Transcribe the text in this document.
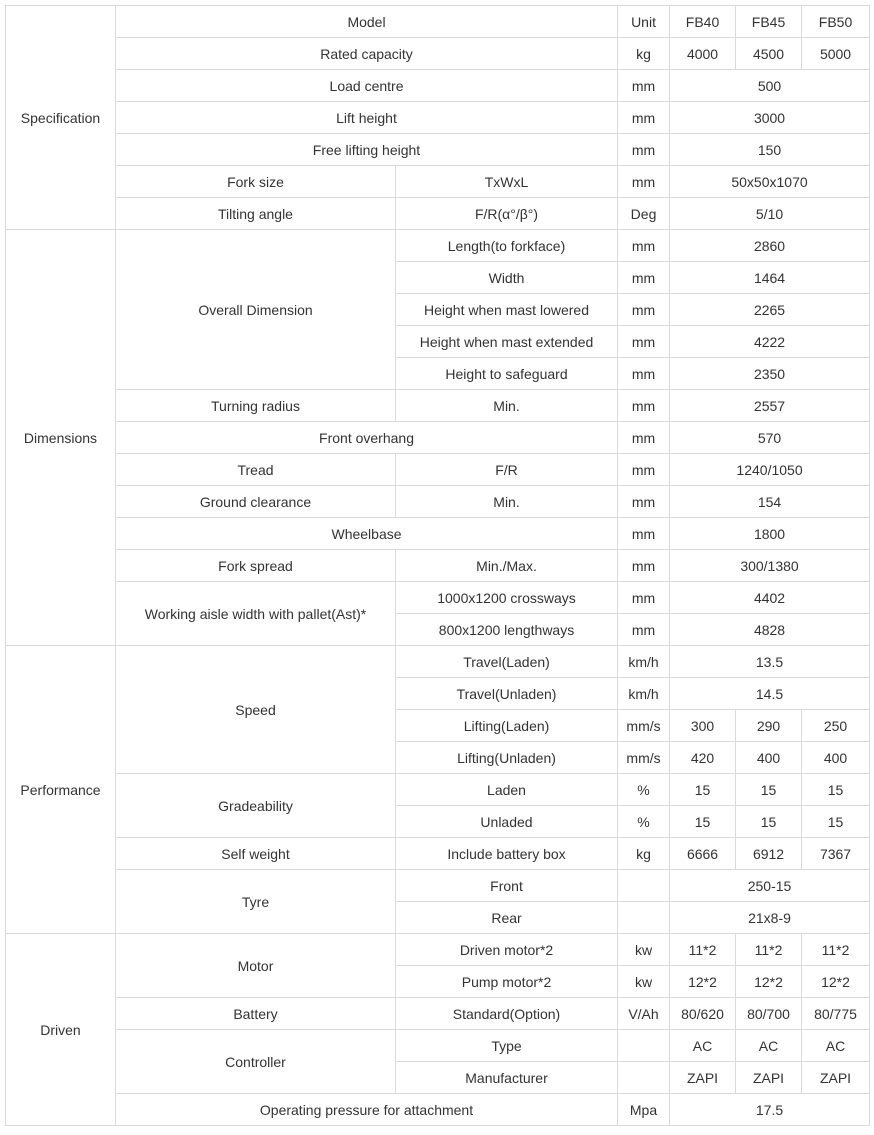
Specification	Model		Unit	FB40	FB45	FB50
	Rated capacity		kg	4000	4500	5000
	Load centre		mm	500		
	Lift height		mm	3000		
	Free lifting height		mm	150		
	Fork size	TxWxL	mm	50x50x1070		
	Tilting angle	F/R(α°/β°)	Deg	5/10		
Dimensions	Overall Dimension	Length(to forkface)	mm	2860		
		Width	mm	1464		
		Height when mast lowered	mm	2265		
		Height when mast extended	mm	4222		
		Height to safeguard	mm	2350		
	Turning radius	Min.	mm	2557		
	Front overhang		mm	570		
	Tread	F/R	mm	1240/1050		
	Ground clearance	Min.	mm	154		
	Wheelbase		mm	1800		
	Fork spread	Min./Max.	mm	300/1380		
	Working aisle width with pallet(Ast)*	1000x1200 crossways	mm	4402		
		800x1200 lengthways	mm	4828		
Performance	Speed	Travel(Laden)	km/h	13.5		
		Travel(Unladen)	km/h	14.5		
		Lifting(Laden)	mm/s	300	290	250
		Lifting(Unladen)	mm/s	420	400	400
	Gradeability	Laden	%	15	15	15
		Unladed	%	15	15	15
	Self weight	Include battery box	kg	6666	6912	7367
	Tyre	Front		250-15		
		Rear		21x8-9		
Driven	Motor	Driven motor*2	kw	11*2	11*2	11*2
		Pump motor*2	kw	12*2	12*2	12*2
	Battery	Standard(Option)	V/Ah	80/620	80/700	80/775
	Controller	Type		AC	AC	AC
		Manufacturer		ZAPI	ZAPI	ZAPI
	Operating pressure for attachment		Mpa	17.5		
